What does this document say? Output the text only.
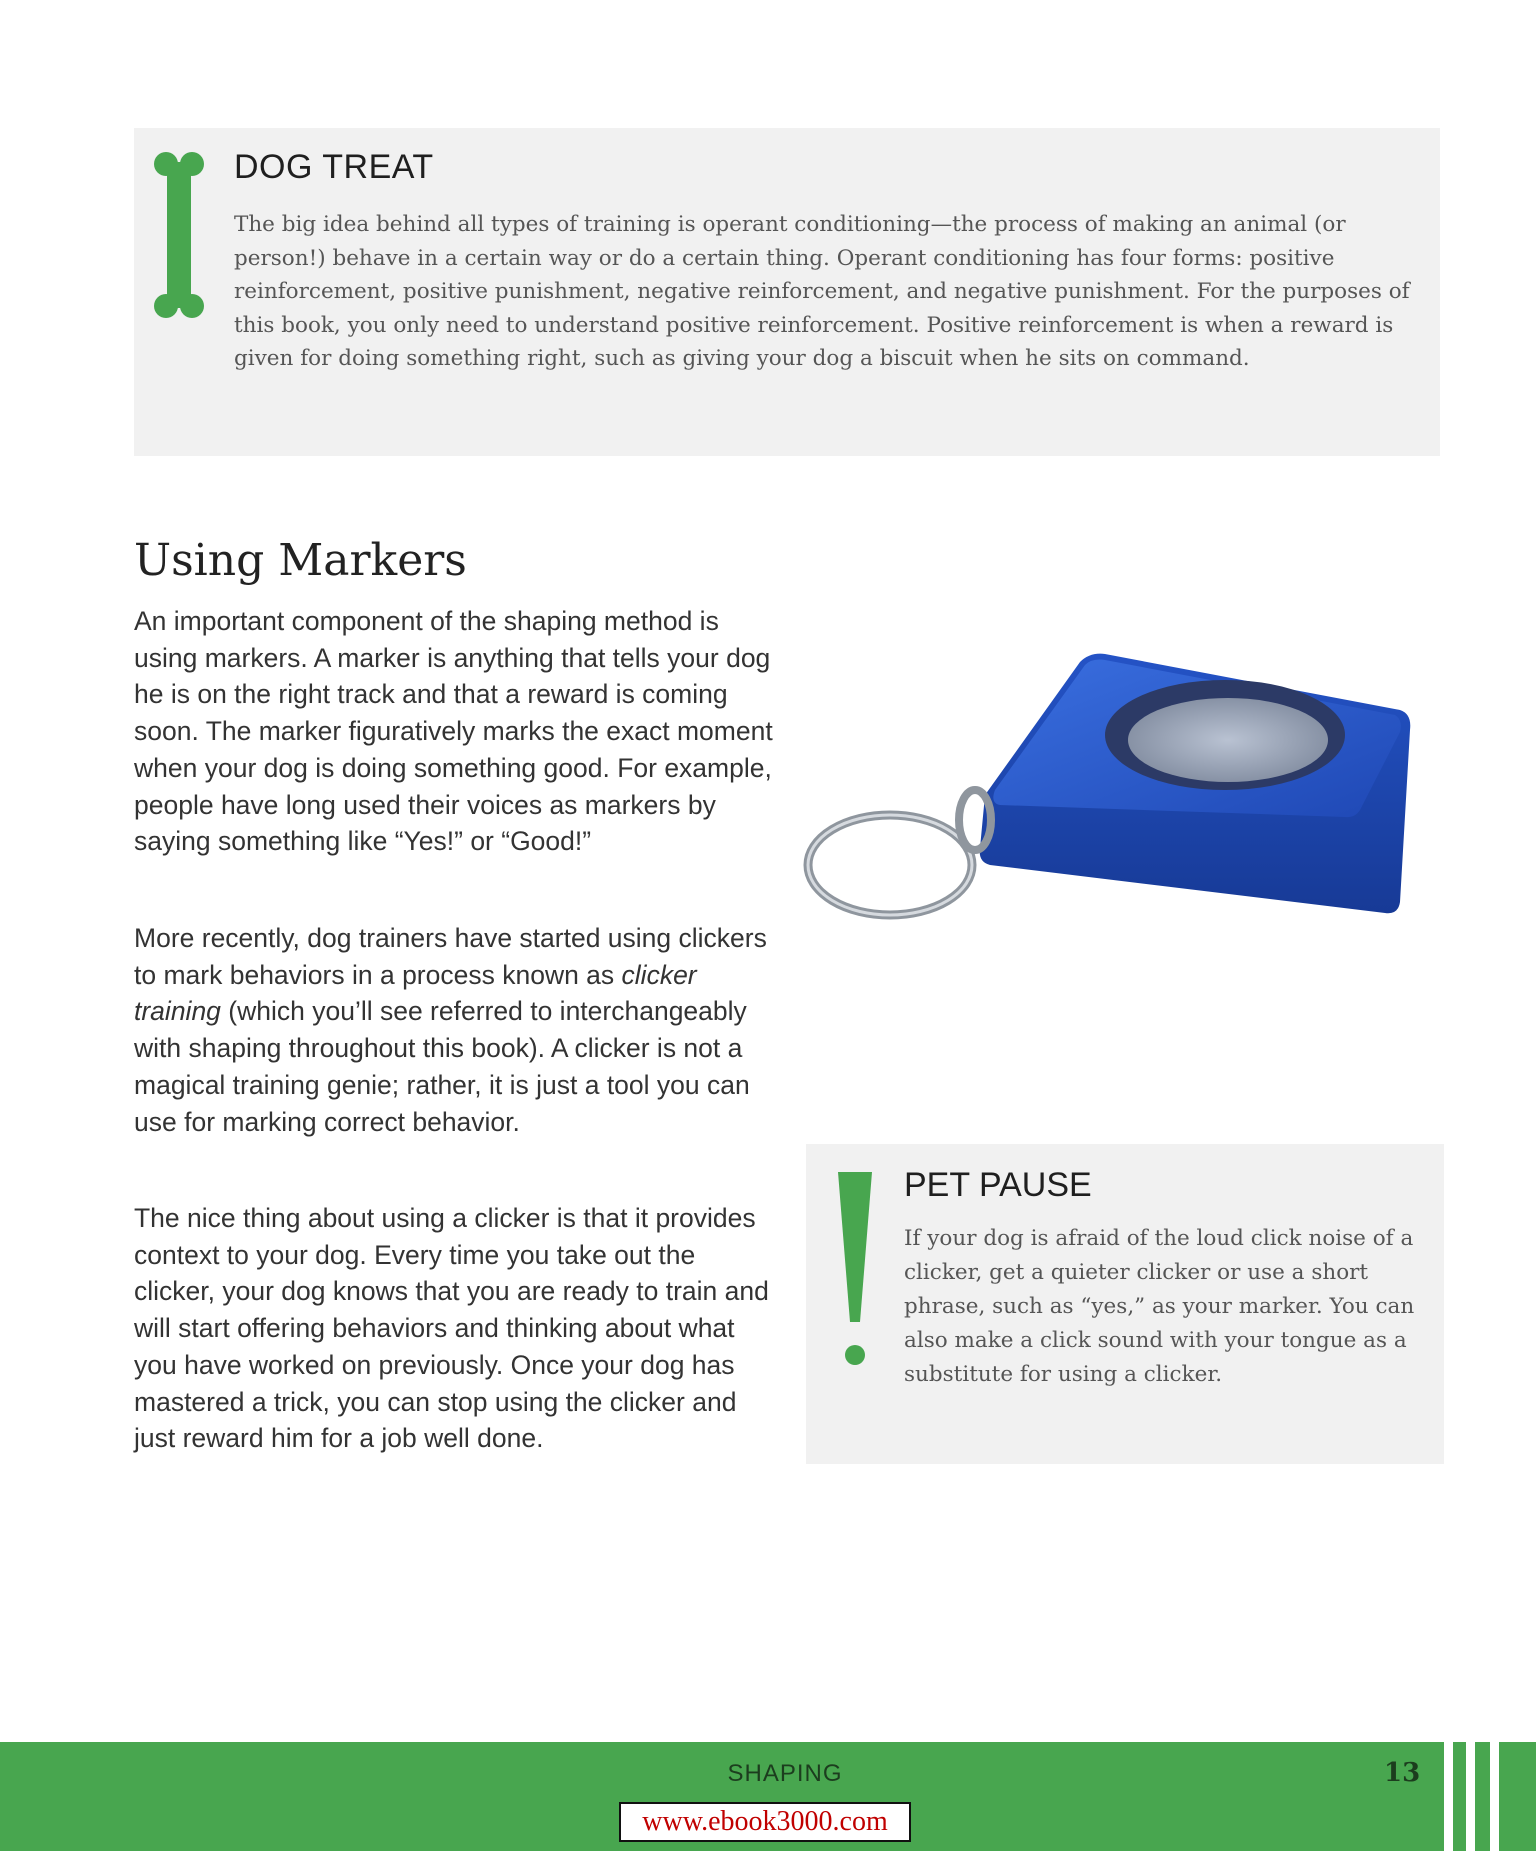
DOG TREAT

The big idea behind all types of training is operant conditioning—the process of making an animal (or person!) behave in a certain way or do a certain thing. Operant conditioning has four forms: positive reinforcement, positive punishment, negative reinforcement, and negative punishment. For the purposes of this book, you only need to understand positive reinforcement. Positive reinforcement is when a reward is given for doing something right, such as giving your dog a biscuit when he sits on command.

Using Markers

An important component of the shaping method is using markers. A marker is anything that tells your dog he is on the right track and that a reward is coming soon. The marker figuratively marks the exact moment when your dog is doing something good. For example, people have long used their voices as markers by saying something like “Yes!” or “Good!”

More recently, dog trainers have started using clickers to mark behaviors in a process known as clicker training (which you’ll see referred to interchangeably with shaping throughout this book). A clicker is not a magical training genie; rather, it is just a tool you can use for marking correct behavior.

The nice thing about using a clicker is that it provides context to your dog. Every time you take out the clicker, your dog knows that you are ready to train and will start offering behaviors and thinking about what you have worked on previously. Once your dog has mastered a trick, you can stop using the clicker and just reward him for a job well done.

PET PAUSE

If your dog is afraid of the loud click noise of a clicker, get a quieter clicker or use a short phrase, such as “yes,” as your marker. You can also make a click sound with your tongue as a substitute for using a clicker.

SHAPING	13
www.ebook3000.com
